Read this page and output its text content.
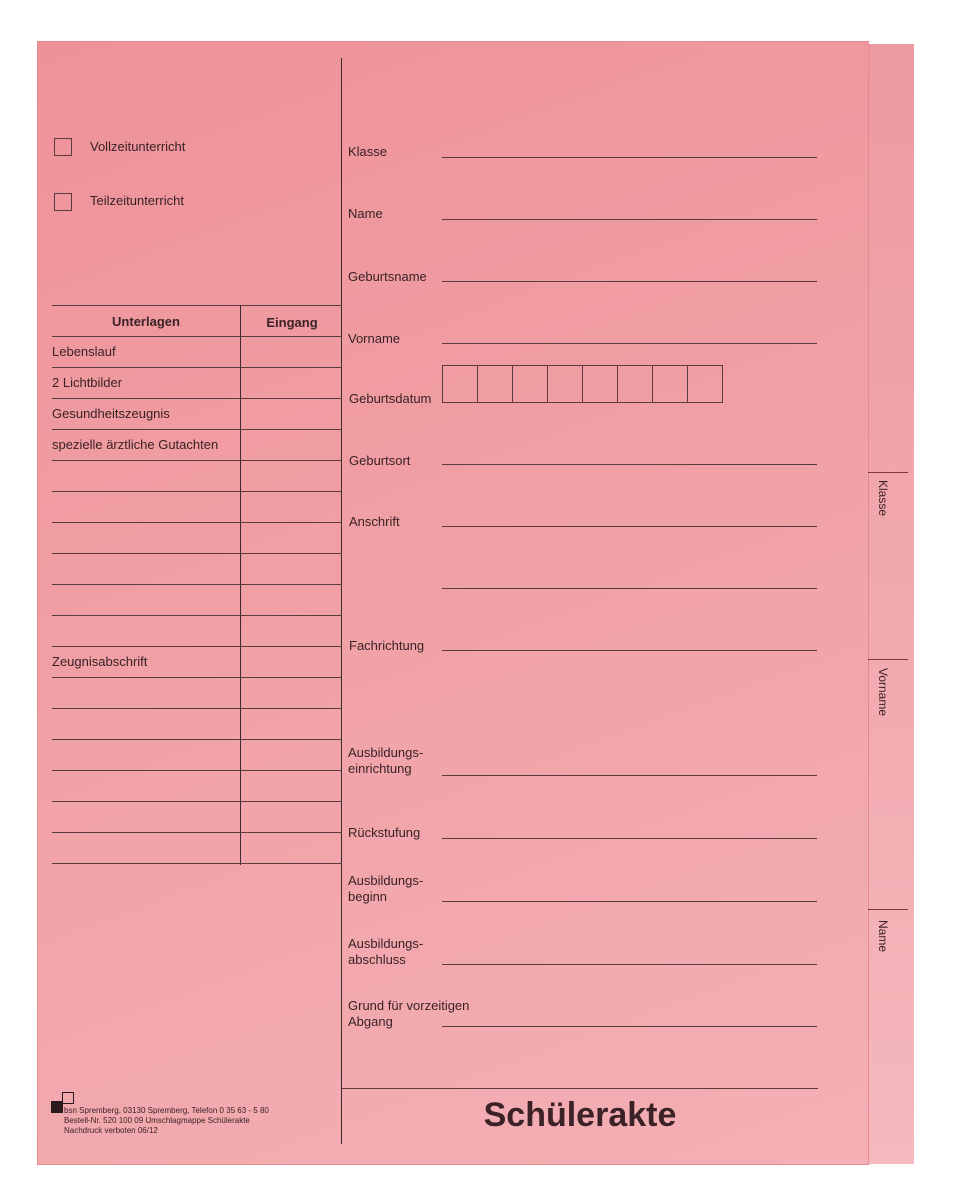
Klasse
Vorname
Name
Vollzeitunterricht
Teilzeitunterricht
Unterlagen	Eingang
Lebenslauf
2 Lichtbilder
Gesundheitszeugnis
spezielle ärztliche Gutachten
Zeugnisabschrift
Klasse
Name
Geburtsname
Vorname
Geburtsdatum
Geburtsort
Anschrift
Fachrichtung
Ausbildungs-
einrichtung
Rückstufung
Ausbildungs-
beginn
Ausbildungs-
abschluss
Grund für vorzeitigen
Abgang
Schülerakte
bsn Spremberg, 03130 Spremberg, Telefon 0 35 63 - 5 80
Bestell-Nr. 520 100 09 Umschlagmappe Schülerakte
Nachdruck verboten 06/12
